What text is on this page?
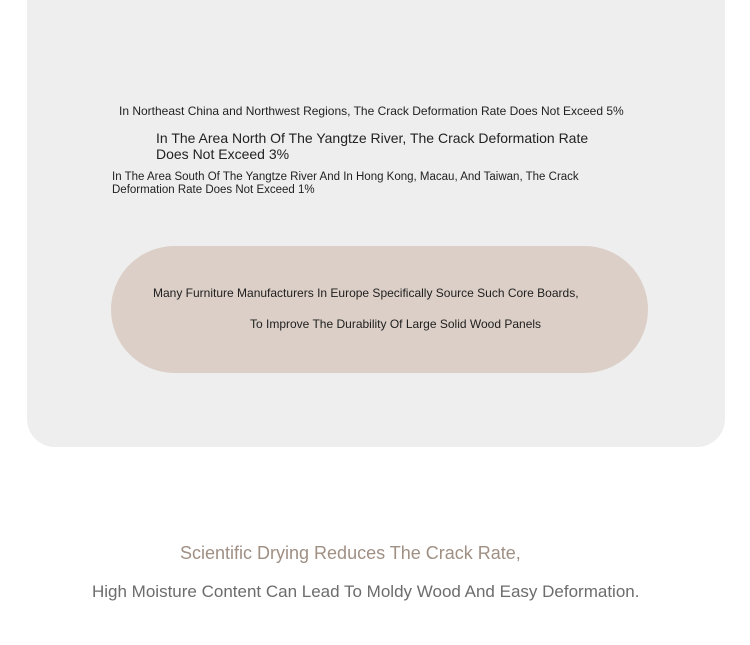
In Northeast China and Northwest Regions, The Crack Deformation Rate Does Not Exceed 5%

In The Area North Of The Yangtze River, The Crack Deformation Rate Does Not Exceed 3%

In The Area South Of The Yangtze River And In Hong Kong, Macau, And Taiwan, The Crack Deformation Rate Does Not Exceed 1%

Many Furniture Manufacturers In Europe Specifically Source Such Core Boards,

To Improve The Durability Of Large Solid Wood Panels

Scientific Drying Reduces The Crack Rate,

High Moisture Content Can Lead To Moldy Wood And Easy Deformation.
